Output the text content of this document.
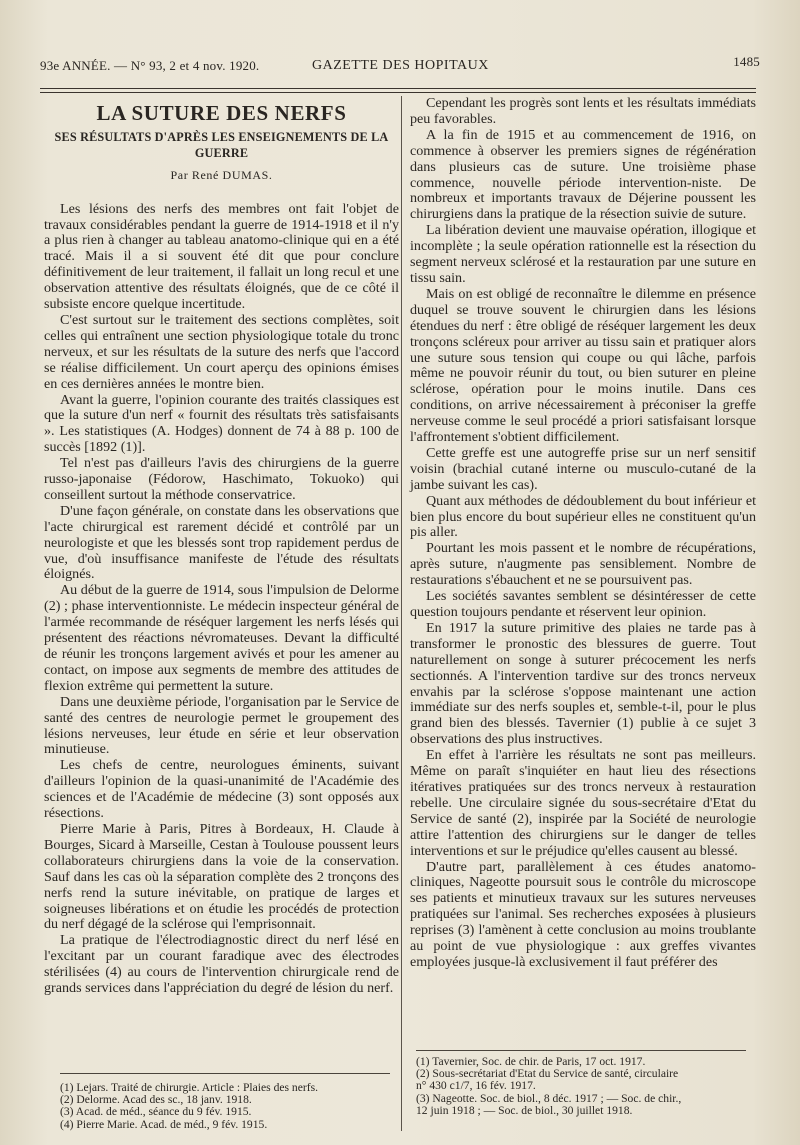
93e ANNÉE. — N° 93, 2 et 4 nov. 1920.	GAZETTE DES HOPITAUX	1485
LA SUTURE DES NERFS
SES RÉSULTATS D'APRÈS LES ENSEIGNEMENTS DE LA GUERRE
Par René DUMAS.

Les lésions des nerfs des membres ont fait l'objet de travaux considérables pendant la guerre de 1914-1918 et il n'y a plus rien à changer au tableau anatomo-clinique qui en a été tracé. Mais il a si souvent été dit que pour conclure définitivement de leur traitement, il fallait un long recul et une observation attentive des résultats éloignés, que de ce côté il subsiste encore quelque incertitude.

C'est surtout sur le traitement des sections complètes, soit celles qui entraînent une section physiologique totale du tronc nerveux, et sur les résultats de la suture des nerfs que l'accord se réalise difficilement. Un court aperçu des opinions émises en ces dernières années le montre bien.

Avant la guerre, l'opinion courante des traités classiques est que la suture d'un nerf « fournit des résultats très satisfaisants ». Les statistiques (A. Hodges) donnent de 74 à 88 p. 100 de succès [1892 (1)].

Tel n'est pas d'ailleurs l'avis des chirurgiens de la guerre russo-japonaise (Fédorow, Haschimato, Tokuoko) qui conseillent surtout la méthode conservatrice.

D'une façon générale, on constate dans les observations que l'acte chirurgical est rarement décidé et contrôlé par un neurologiste et que les blessés sont trop rapidement perdus de vue, d'où insuffisance manifeste de l'étude des résultats éloignés.

Au début de la guerre de 1914, sous l'impulsion de Delorme (2) ; phase interventionniste. Le médecin inspecteur général de l'armée recommande de réséquer largement les nerfs lésés qui présentent des réactions névromateuses. Devant la difficulté de réunir les tronçons largement avivés et pour les amener au contact, on impose aux segments de membre des attitudes de flexion extrême qui permettent la suture.

Dans une deuxième période, l'organisation par le Service de santé des centres de neurologie permet le groupement des lésions nerveuses, leur étude en série et leur observation minutieuse.

Les chefs de centre, neurologues éminents, suivant d'ailleurs l'opinion de la quasi-unanimité de l'Académie des sciences et de l'Académie de médecine (3) sont opposés aux résections.

Pierre Marie à Paris, Pitres à Bordeaux, H. Claude à Bourges, Sicard à Marseille, Cestan à Toulouse poussent leurs collaborateurs chirurgiens dans la voie de la conservation. Sauf dans les cas où la séparation complète des 2 tronçons des nerfs rend la suture inévitable, on pratique de larges et soigneuses libérations et on étudie les procédés de protection du nerf dégagé de la sclérose qui l'emprisonnait.

La pratique de l'électrodiagnostic direct du nerf lésé en l'excitant par un courant faradique avec des électrodes stérilisées (4) au cours de l'intervention chirurgicale rend de grands services dans l'appréciation du degré de lésion du nerf.

Cependant les progrès sont lents et les résultats immédiats peu favorables.

A la fin de 1915 et au commencement de 1916, on commence à observer les premiers signes de régénération dans plusieurs cas de suture. Une troisième phase commence, nouvelle période intervention-niste. De nombreux et importants travaux de Déjerine poussent les chirurgiens dans la pratique de la résection suivie de suture.

La libération devient une mauvaise opération, illogique et incomplète ; la seule opération rationnelle est la résection du segment nerveux sclérosé et la restauration par une suture en tissu sain.

Mais on est obligé de reconnaître le dilemme en présence duquel se trouve souvent le chirurgien dans les lésions étendues du nerf : être obligé de réséquer largement les deux tronçons scléreux pour arriver au tissu sain et pratiquer alors une suture sous tension qui coupe ou qui lâche, parfois même ne pouvoir réunir du tout, ou bien suturer en pleine sclérose, opération pour le moins inutile. Dans ces conditions, on arrive nécessairement à préconiser la greffe nerveuse comme le seul procédé a priori satisfaisant lorsque l'affrontement s'obtient difficilement.

Cette greffe est une autogreffe prise sur un nerf sensitif voisin (brachial cutané interne ou musculo-cutané de la jambe suivant les cas).

Quant aux méthodes de dédoublement du bout inférieur et bien plus encore du bout supérieur elles ne constituent qu'un pis aller.

Pourtant les mois passent et le nombre de récupérations, après suture, n'augmente pas sensiblement. Nombre de restaurations s'ébauchent et ne se poursuivent pas.

Les sociétés savantes semblent se désintéresser de cette question toujours pendante et réservent leur opinion.

En 1917 la suture primitive des plaies ne tarde pas à transformer le pronostic des blessures de guerre. Tout naturellement on songe à suturer précocement les nerfs sectionnés. A l'intervention tardive sur des troncs nerveux envahis par la sclérose s'oppose maintenant une action immédiate sur des nerfs souples et, semble-t-il, pour le plus grand bien des blessés. Tavernier (1) publie à ce sujet 3 observations des plus instructives.

En effet à l'arrière les résultats ne sont pas meilleurs. Même on paraît s'inquiéter en haut lieu des résections itératives pratiquées sur des troncs nerveux à restauration rebelle. Une circulaire signée du sous-secrétaire d'Etat du Service de santé (2), inspirée par la Société de neurologie attire l'attention des chirurgiens sur le danger de telles interventions et sur le préjudice qu'elles causent au blessé.

D'autre part, parallèlement à ces études anatomo-cliniques, Nageotte poursuit sous le contrôle du microscope ses patients et minutieux travaux sur les sutures nerveuses pratiquées sur l'animal. Ses recherches exposées à plusieurs reprises (3) l'amènent à cette conclusion au moins troublante au point de vue physiologique : aux greffes vivantes employées jusque-là exclusivement il faut préférer des

(1) Lejars. Traité de chirurgie. Article : Plaies des nerfs.

(2) Delorme. Acad des sc., 18 janv. 1918.

(3) Acad. de méd., séance du 9 fév. 1915.

(4) Pierre Marie. Acad. de méd., 9 fév. 1915.

(1) Tavernier, Soc. de chir. de Paris, 17 oct. 1917.

(2) Sous-secrétariat d'Etat du Service de santé, circulaire

n° 430 c1/7, 16 fév. 1917.

(3) Nageotte. Soc. de biol., 8 déc. 1917 ; — Soc. de chir.,

12 juin 1918 ; — Soc. de biol., 30 juillet 1918.
